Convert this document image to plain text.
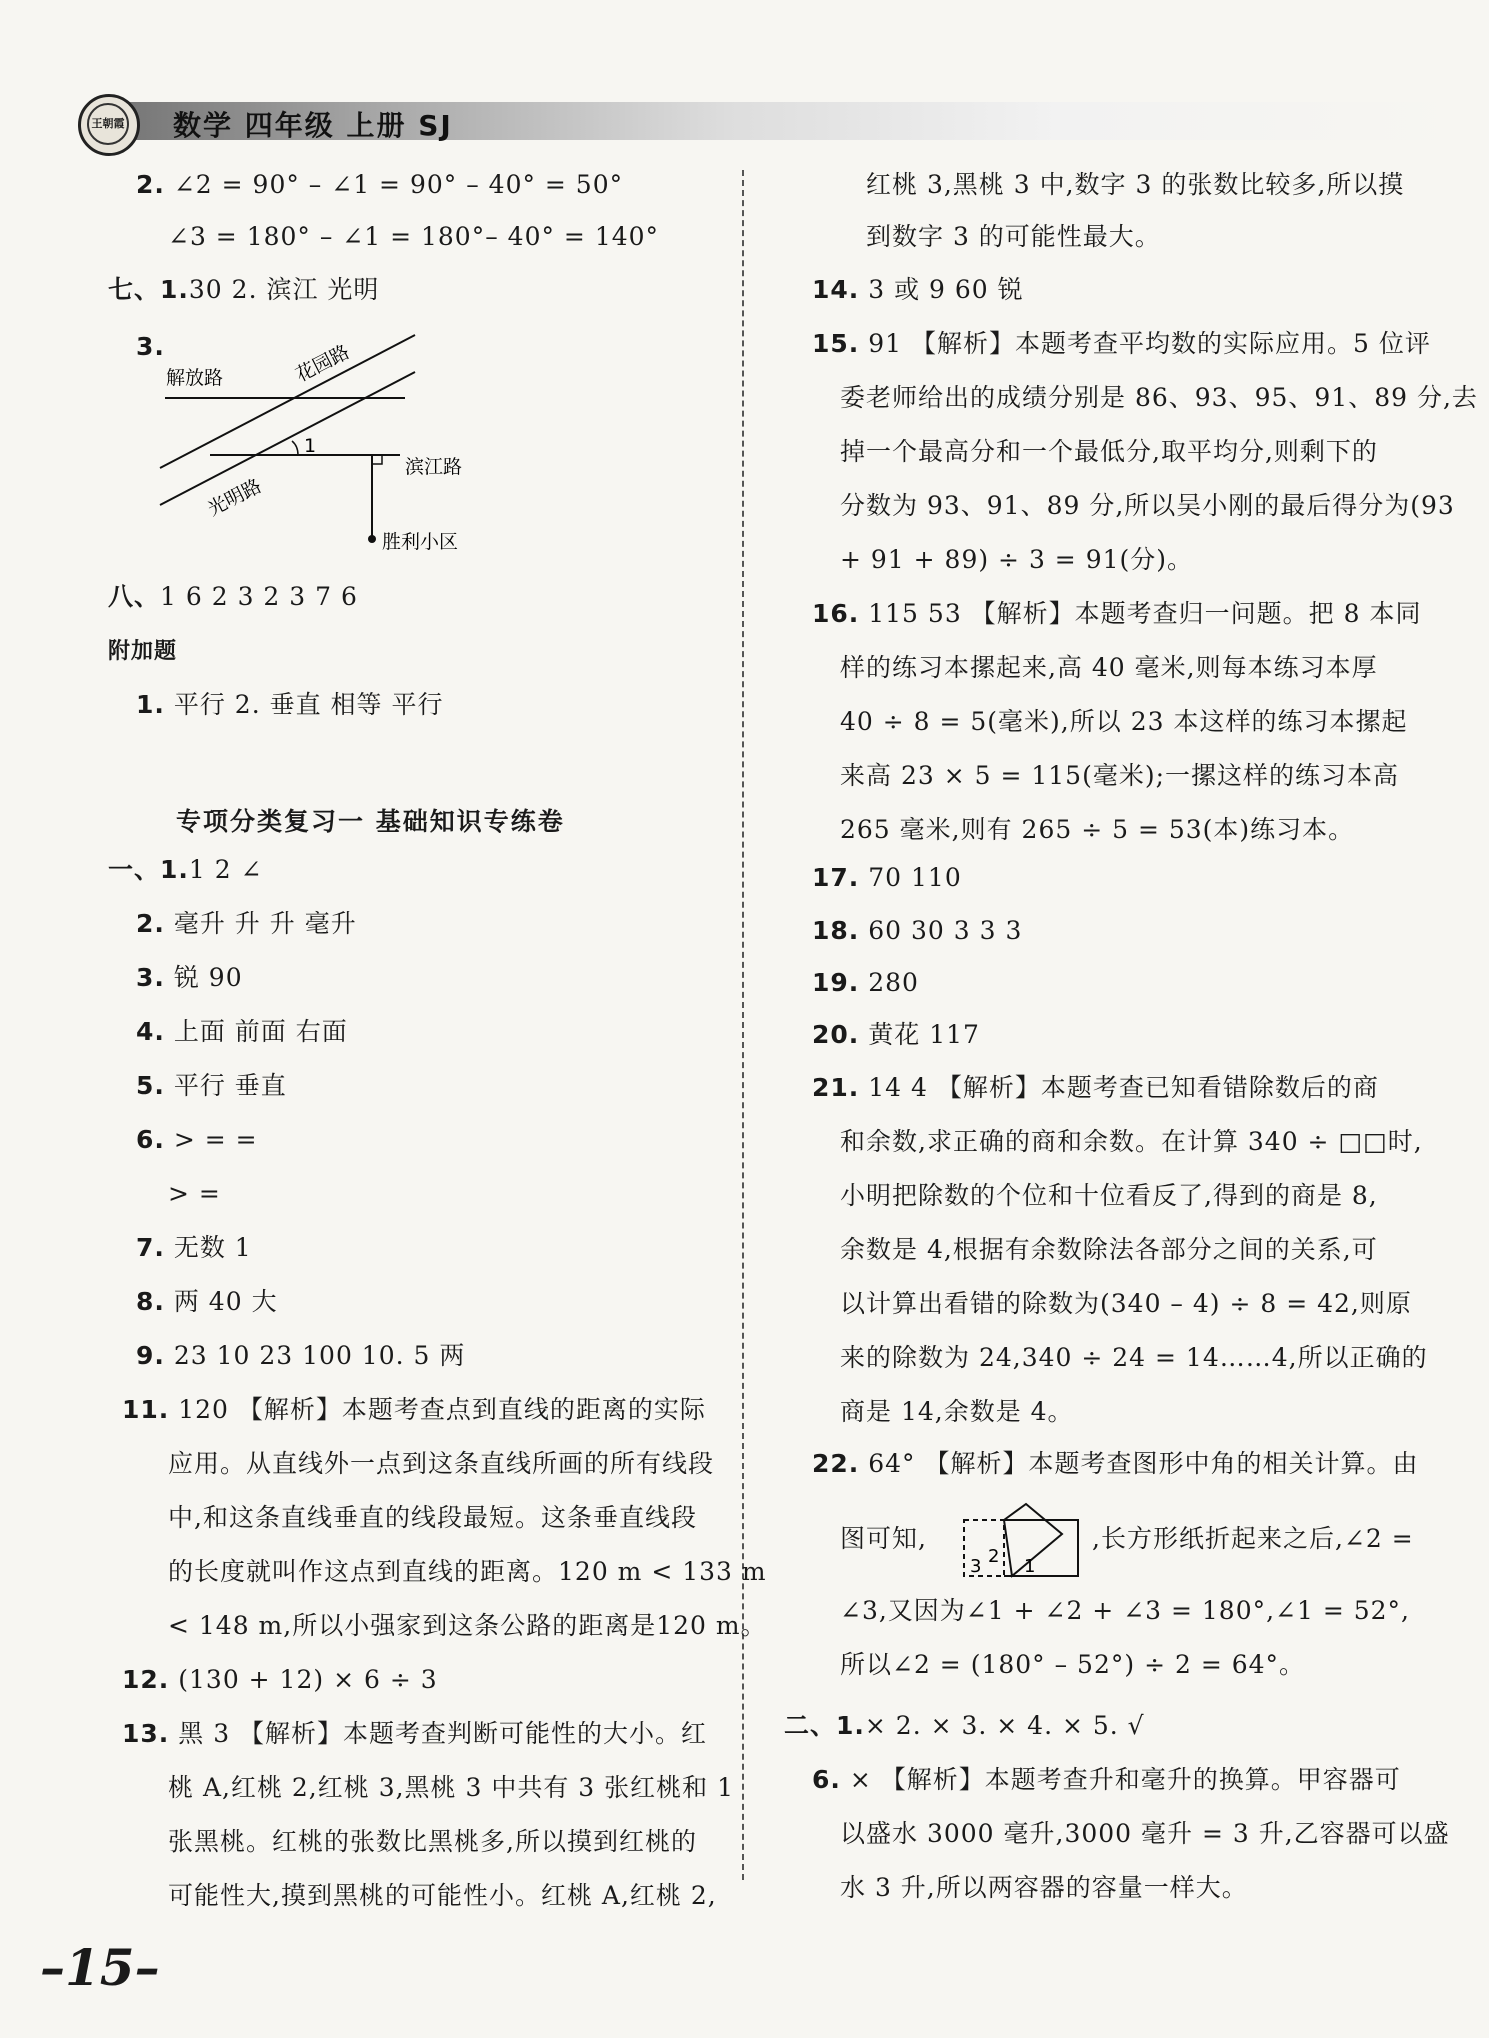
王朝霞 数学 四年级 上册 SJ
2. ∠2 = 90° – ∠1 = 90° – 40° = 50°
∠3 = 180° – ∠1 = 180°– 40° = 140°
七、1.30 2. 滨江 光明
3.
解放路	花园路
光明路
滨江路
胜利小区
1
八、1 6 2 3 2 3 7 6
附加题
1. 平行 2. 垂直 相等 平行
专项分类复习一 基础知识专练卷
一、1.1 2 ∠
2. 毫升 升 升 毫升
3. 锐 90
4. 上面 前面 右面
5. 平行 垂直
6. > = =
> =
7. 无数 1
8. 两 40 大
9. 23 10 23 100 10. 5 两
11. 120 【解析】本题考查点到直线的距离的实际
应用。从直线外一点到这条直线所画的所有线段
中,和这条直线垂直的线段最短。这条垂直线段
的长度就叫作这点到直线的距离。120 m < 133 m
< 148 m,所以小强家到这条公路的距离是120 m。
12. (130 + 12) × 6 ÷ 3
13. 黑 3 【解析】本题考查判断可能性的大小。红
桃 A,红桃 2,红桃 3,黑桃 3 中共有 3 张红桃和 1
张黑桃。红桃的张数比黑桃多,所以摸到红桃的
可能性大,摸到黑桃的可能性小。红桃 A,红桃 2,
红桃 3,黑桃 3 中,数字 3 的张数比较多,所以摸
到数字 3 的可能性最大。
14. 3 或 9 60 锐
15. 91 【解析】本题考查平均数的实际应用。5 位评
委老师给出的成绩分别是 86、93、95、91、89 分,去
掉一个最高分和一个最低分,取平均分,则剩下的
分数为 93、91、89 分,所以吴小刚的最后得分为(93
+ 91 + 89) ÷ 3 = 91(分)。
16. 115 53 【解析】本题考查归一问题。把 8 本同
样的练习本摞起来,高 40 毫米,则每本练习本厚
40 ÷ 8 = 5(毫米),所以 23 本这样的练习本摞起
来高 23 × 5 = 115(毫米);一摞这样的练习本高
265 毫米,则有 265 ÷ 5 = 53(本)练习本。
17. 70 110
18. 60 30 3 3 3
19. 280
20. 黄花 117
21. 14 4 【解析】本题考查已知看错除数后的商
和余数,求正确的商和余数。在计算 340 ÷ □□时,
小明把除数的个位和十位看反了,得到的商是 8,
余数是 4,根据有余数除法各部分之间的关系,可
以计算出看错的除数为(340 – 4) ÷ 8 = 42,则原
来的除数为 24,340 ÷ 24 = 14……4,所以正确的
商是 14,余数是 4。
22. 64° 【解析】本题考查图形中角的相关计算。由
图可知,
3 2 1
,长方形纸折起来之后,∠2 =
∠3,又因为∠1 + ∠2 + ∠3 = 180°,∠1 = 52°,
所以∠2 = (180° – 52°) ÷ 2 = 64°。
二、1.× 2. × 3. × 4. × 5. √
6. × 【解析】本题考查升和毫升的换算。甲容器可
以盛水 3000 毫升,3000 毫升 = 3 升,乙容器可以盛
水 3 升,所以两容器的容量一样大。
–15–
